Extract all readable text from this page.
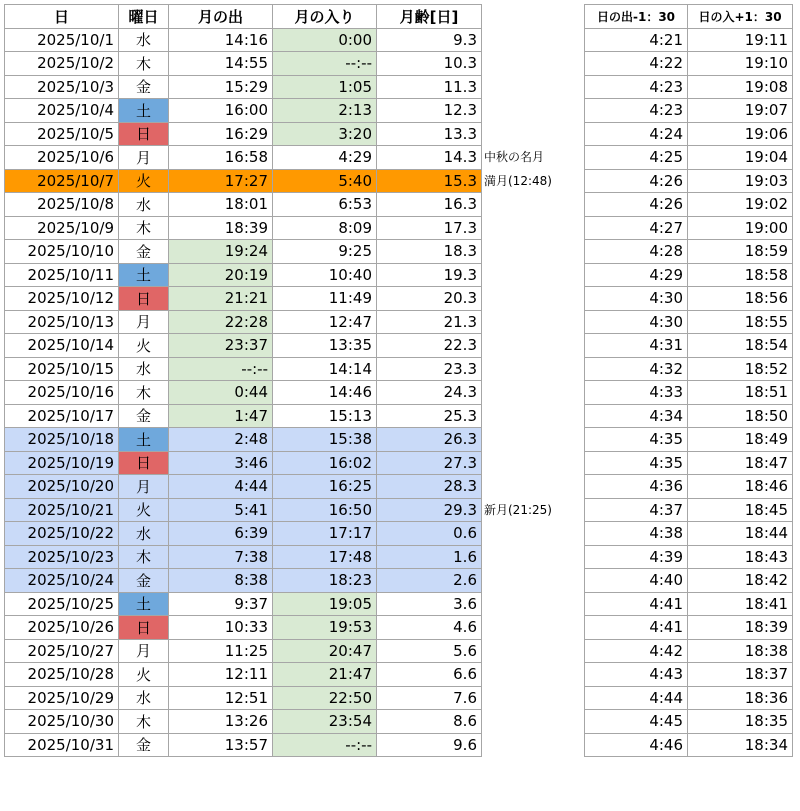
日	曜日	月の出	月の入り	月齢[日]
2025/10/1	水	14:16	0:00	9.3
2025/10/2	木	14:55	--:--	10.3
2025/10/3	金	15:29	1:05	11.3
2025/10/4	土	16:00	2:13	12.3
2025/10/5	日	16:29	3:20	13.3
2025/10/6	月	16:58	4:29	14.3
2025/10/7	火	17:27	5:40	15.3
2025/10/8	水	18:01	6:53	16.3
2025/10/9	木	18:39	8:09	17.3
2025/10/10	金	19:24	9:25	18.3
2025/10/11	土	20:19	10:40	19.3
2025/10/12	日	21:21	11:49	20.3
2025/10/13	月	22:28	12:47	21.3
2025/10/14	火	23:37	13:35	22.3
2025/10/15	水	--:--	14:14	23.3
2025/10/16	木	0:44	14:46	24.3
2025/10/17	金	1:47	15:13	25.3
2025/10/18	土	2:48	15:38	26.3
2025/10/19	日	3:46	16:02	27.3
2025/10/20	月	4:44	16:25	28.3
2025/10/21	火	5:41	16:50	29.3
2025/10/22	水	6:39	17:17	0.6
2025/10/23	木	7:38	17:48	1.6
2025/10/24	金	8:38	18:23	2.6
2025/10/25	土	9:37	19:05	3.6
2025/10/26	日	10:33	19:53	4.6
2025/10/27	月	11:25	20:47	5.6
2025/10/28	火	12:11	21:47	6.6
2025/10/29	水	12:51	22:50	7.6
2025/10/30	木	13:26	23:54	8.6
2025/10/31	金	13:57	--:--	9.6
日の出-1：30	日の入+1：30
4:21	19:11
4:22	19:10
4:23	19:08
4:23	19:07
4:24	19:06
4:25	19:04
4:26	19:03
4:26	19:02
4:27	19:00
4:28	18:59
4:29	18:58
4:30	18:56
4:30	18:55
4:31	18:54
4:32	18:52
4:33	18:51
4:34	18:50
4:35	18:49
4:35	18:47
4:36	18:46
4:37	18:45
4:38	18:44
4:39	18:43
4:40	18:42
4:41	18:41
4:41	18:39
4:42	18:38
4:43	18:37
4:44	18:36
4:45	18:35
4:46	18:34
中秋の名月
満月(12:48)
新月(21:25)
